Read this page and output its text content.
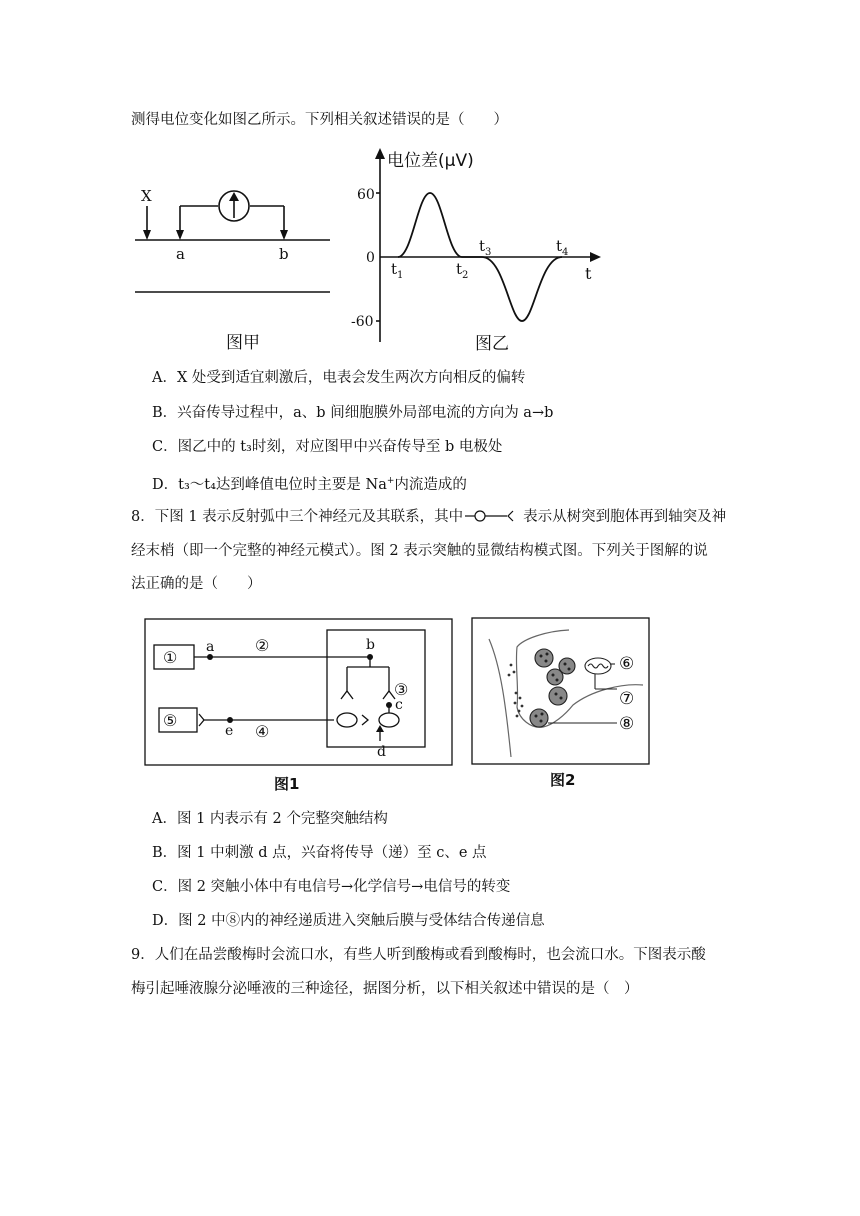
测得电位变化如图乙所示。下列相关叙述错误的是（　　）
X
a	b
图甲
电位差(μV)
60
0
-60
$t_1$	$t_2$
$t_3$	$t_4$
t
图乙
A．X 处受到适宜刺激后，电表会发生两次方向相反的偏转
B．兴奋传导过程中，a、b 间细胞膜外局部电流的方向为 a→b
C．图乙中的 t₃时刻，对应图甲中兴奋传导至 b 电极处
D．t₃～t₄达到峰值电位时主要是 Na+内流造成的
8．下图 1 表示反射弧中三个神经元及其联系，其中	表示从树突到胞体再到轴突及神
经末梢（即一个完整的神经元模式）。图 2 表示突触的显微结构模式图。下列关于图解的说
法正确的是（　　）
①
a	②	b
③
c
⑤
e ④
d
图1
⑥
⑦
⑧
图2
A．图 1 内表示有 2 个完整突触结构
B．图 1 中刺激 d 点，兴奋将传导（递）至 c、e 点
C．图 2 突触小体中有电信号→化学信号→电信号的转变
D．图 2 中⑧内的神经递质进入突触后膜与受体结合传递信息
9．人们在品尝酸梅时会流口水，有些人听到酸梅或看到酸梅时，也会流口水。下图表示酸
梅引起唾液腺分泌唾液的三种途径，据图分析，以下相关叙述中错误的是（　）
